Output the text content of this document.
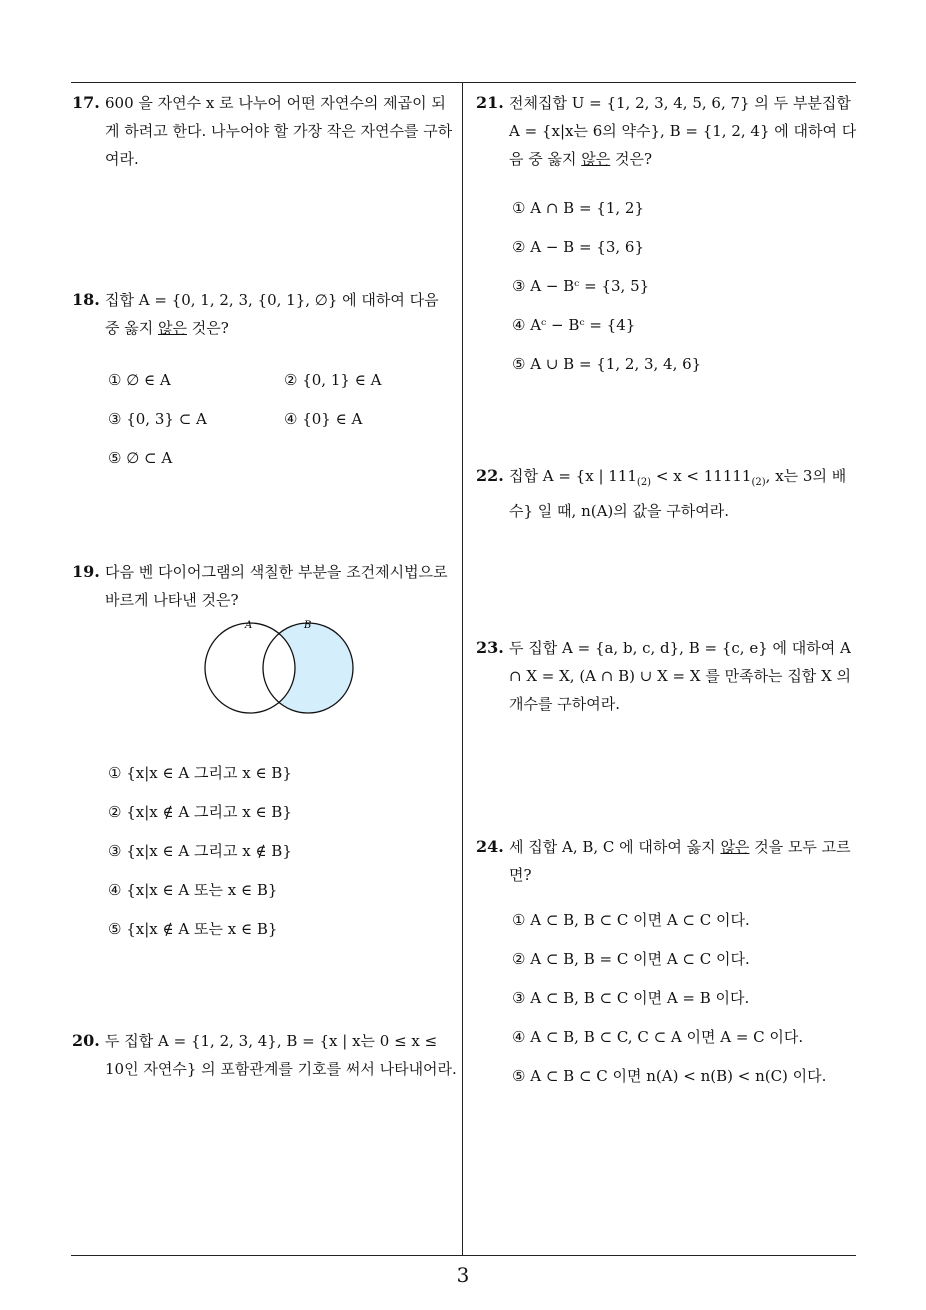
17. 600 을 자연수 x 로 나누어 어떤 자연수의 제곱이 되게 하려고 한다. 나누어야 할 가장 작은 자연수를 구하여라.
18. 집합 A = {0, 1, 2, 3, {0, 1}, ∅} 에 대하여 다음 중 옳지 않은 것은?
① ∅ ∈ A	② {0, 1} ∈ A
③ {0, 3} ⊂ A	④ {0} ∈ A
⑤ ∅ ⊂ A
19. 다음 벤 다이어그램의 색칠한 부분을 조건제시법으로 바르게 나타낸 것은?
A	B
① {x|x ∈ A 그리고 x ∈ B}
② {x|x ∉ A 그리고 x ∈ B}
③ {x|x ∈ A 그리고 x ∉ B}
④ {x|x ∈ A 또는 x ∈ B}
⑤ {x|x ∉ A 또는 x ∈ B}
20. 두 집합 A = {1, 2, 3, 4}, B = {x | x는 0 ≤ x ≤ 10인 자연수} 의 포함관계를 기호를 써서 나타내어라.
21. 전체집합 U = {1, 2, 3, 4, 5, 6, 7} 의 두 부분집합 A = {x|x는 6의 약수}, B = {1, 2, 4} 에 대하여 다음 중 옳지 않은 것은?
① A ∩ B = {1, 2}
② A − B = {3, 6}
③ A − Bᶜ = {3, 5}
④ Aᶜ − Bᶜ = {4}
⑤ A ∪ B = {1, 2, 3, 4, 6}
22. 집합 A = {x | $111_{(2)} < x < 11111_{(2)}$, x는 3의 배수} 일 때, n(A)의 값을 구하여라.
23. 두 집합 A = {a, b, c, d}, B = {c, e} 에 대하여 A ∩ X = X, (A ∩ B) ∪ X = X 를 만족하는 집합 X 의 개수를 구하여라.
24. 세 집합 A, B, C 에 대하여 옳지 않은 것을 모두 고르면?
① A ⊂ B, B ⊂ C 이면 A ⊂ C 이다.
② A ⊂ B, B = C 이면 A ⊂ C 이다.
③ A ⊂ B, B ⊂ C 이면 A = B 이다.
④ A ⊂ B, B ⊂ C, C ⊂ A 이면 A = C 이다.
⑤ A ⊂ B ⊂ C 이면 n(A) < n(B) < n(C) 이다.
3
